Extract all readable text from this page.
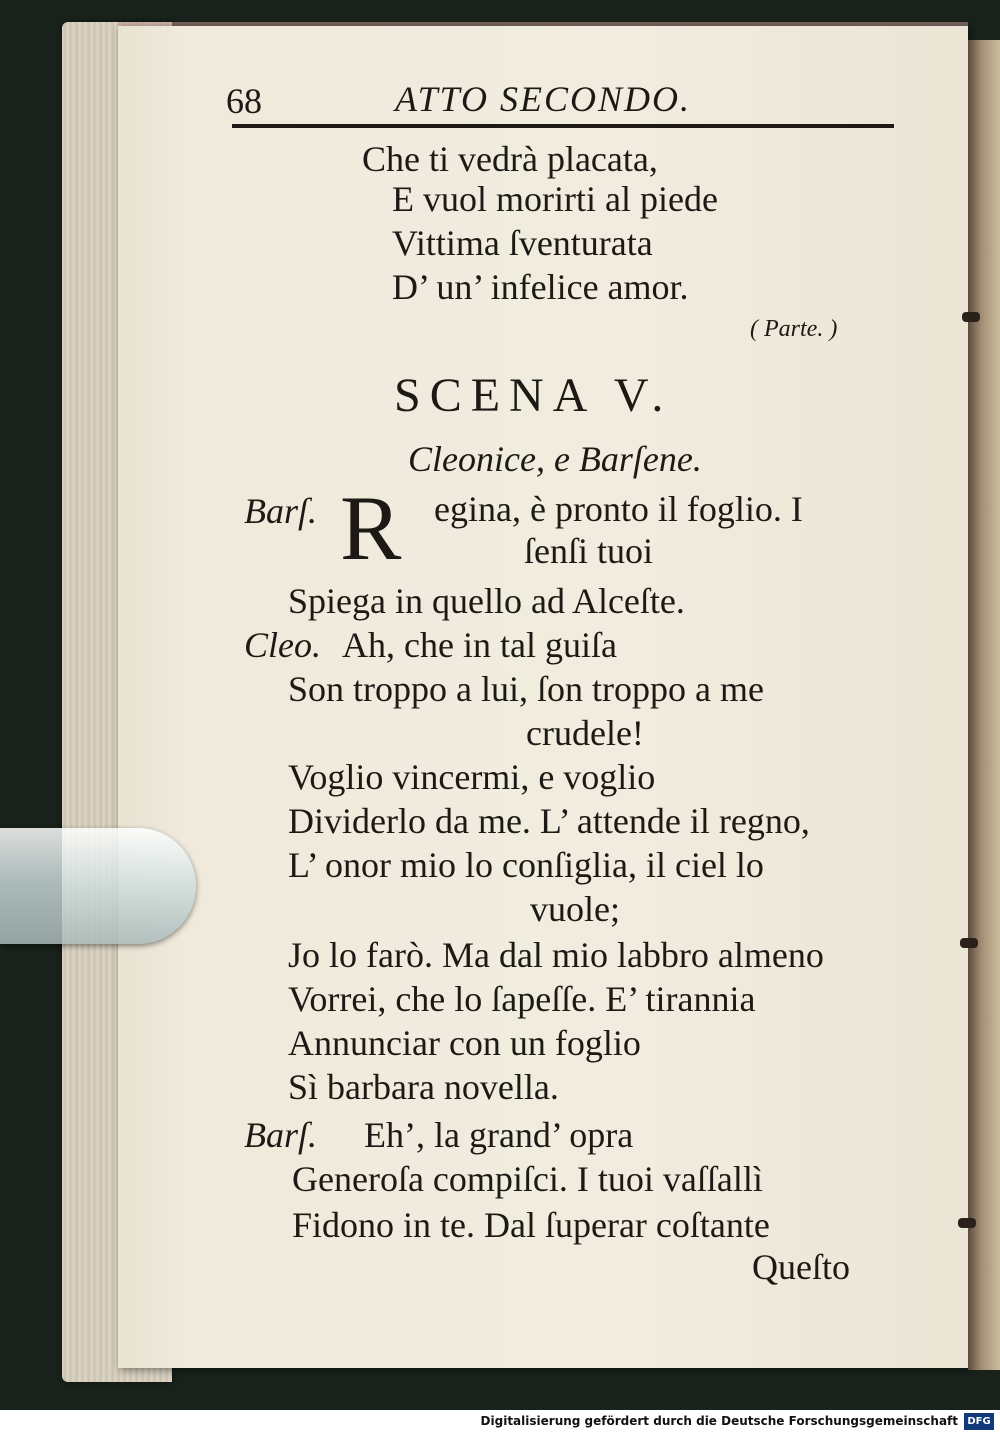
68	ATTO SECONDO.
Che ti vedrà placata,
E vuol morirti al piede
Vittima ſventurata
D’ un’ infelice amor.
( Parte. )
SCENA V.
Cleonice, e Barſene.
Barſ. R egina, è pronto il foglio. I
ſenſi tuoi
Spiega in quello ad Alceſte.
Cleo. Ah, che in tal guiſa
Son troppo a lui, ſon troppo a me
crudele!
Voglio vincermi, e voglio
Dividerlo da me. L’ attende il regno,
L’ onor mio lo conſiglia, il ciel lo
vuole;
Jo lo farò. Ma dal mio labbro almeno
Vorrei, che lo ſapeſſe. E’ tirannia
Annunciar con un foglio
Sì barbara novella.
Barſ. Eh’, la grand’ opra
Generoſa compiſci. I tuoi vaſſallì
Fidono in te. Dal ſuperar coſtante
Queſto
Digitalisierung gefördert durch die Deutsche Forschungsgemeinschaft DFG
